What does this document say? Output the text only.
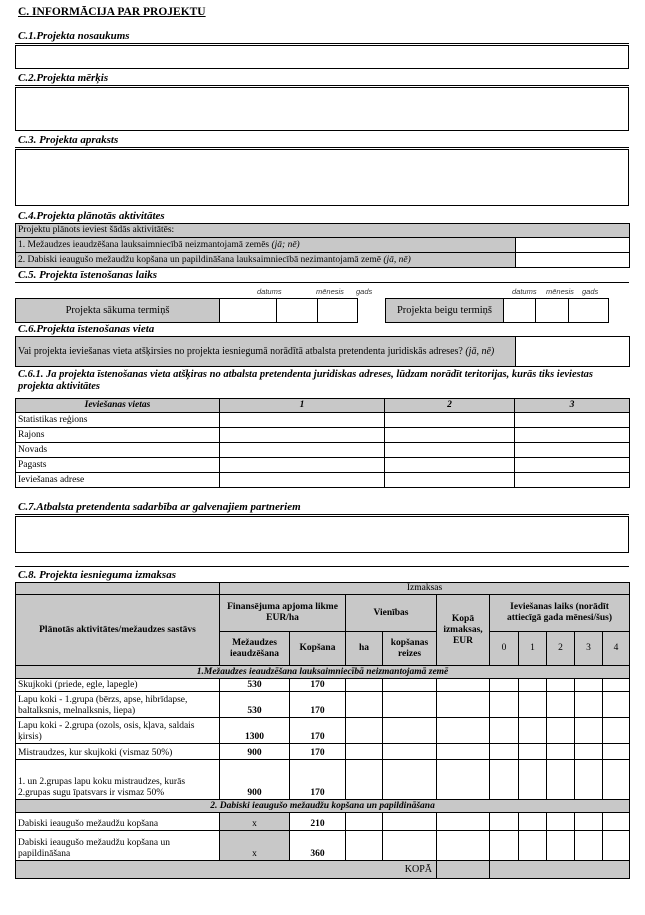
C. INFORMĀCIJA PAR PROJEKTU
C.1.Projekta nosaukums
C.2.Projekta mērķis
C.3. Projekta apraksts
C.4.Projekta plānotās aktivitātes
Projektu plānots ieviest šādās aktivitātēs:	
1. Mežaudzes ieaudzēšana lauksaimniecībā neizmantojamā zemēs (jā; nē)	
2. Dabiski ieaugušo mežaudžu kopšana un papildināšana lauksaimniecībā nezimantojamā zemē (jā, nē)	
C.5. Projekta īstenošanas laiks
datums	mēnesis gads	datums mēnesis gads
Projekta sākuma termiņš					Projekta beigu termiņš			
C.6.Projekta īstenošanas vieta
Vai projekta ieviešanas vieta atšķirsies no projekta iesniegumā norādītā atbalsta pretendenta juridiskās adreses? (jā, nē)	
C.6.1. Ja projekta īstenošanas vieta atšķiras no atbalsta pretendenta juridiskas adreses, lūdzam norādīt teritorijas, kurās tiks ieviestas projekta aktivitātes
Ieviešanas vietas	1	2	3
Statistikas reģions			
Rajons			
Novads			
Pagasts			
Ieviešanas adrese			
C.7.Atbalsta pretendenta sadarbība ar galvenajiem partneriem
C.8. Projekta iesnieguma izmaksas
	Izmaksas									
Plānotās aktivitātes/mežaudzes sastāvs	Finansējuma apjoma likme EUR/ha		Vienības		Kopā izmaksas, EUR	Ieviešanas laiks (norādīt attiecīgā gada mēnesi/šus)				
	Mežaudzes ieaudzēšana	Kopšana	ha	kopšanas reizes		0	1	2	3	4
1.Mežaudzes ieaudzēšana lauksaimniecībā neizmantojamā zemē										
Skujkoki (priede, egle, lapegle)	530	170								
Lapu koki - 1.grupa (bērzs, apse, hibrīdapse, baltalksnis, melnalksnis, liepa)	530	170								
Lapu koki - 2.grupa (ozols, osis, kļava, saldais ķirsis)	1300	170								
Mistraudzes, kur skujkoki (vismaz 50%)	900	170								
1. un 2.grupas lapu koku mistraudzes, kurās 2.grupas sugu īpatsvars ir vismaz 50%	900	170								
2. Dabiski ieaugušo mežaudžu kopšana un papildināšana										
Dabiski ieaugušo mežaudžu kopšana	x	210								
Dabiski ieaugušo mežaudžu kopšana un papildināšana	x	360								
KOPĀ										
